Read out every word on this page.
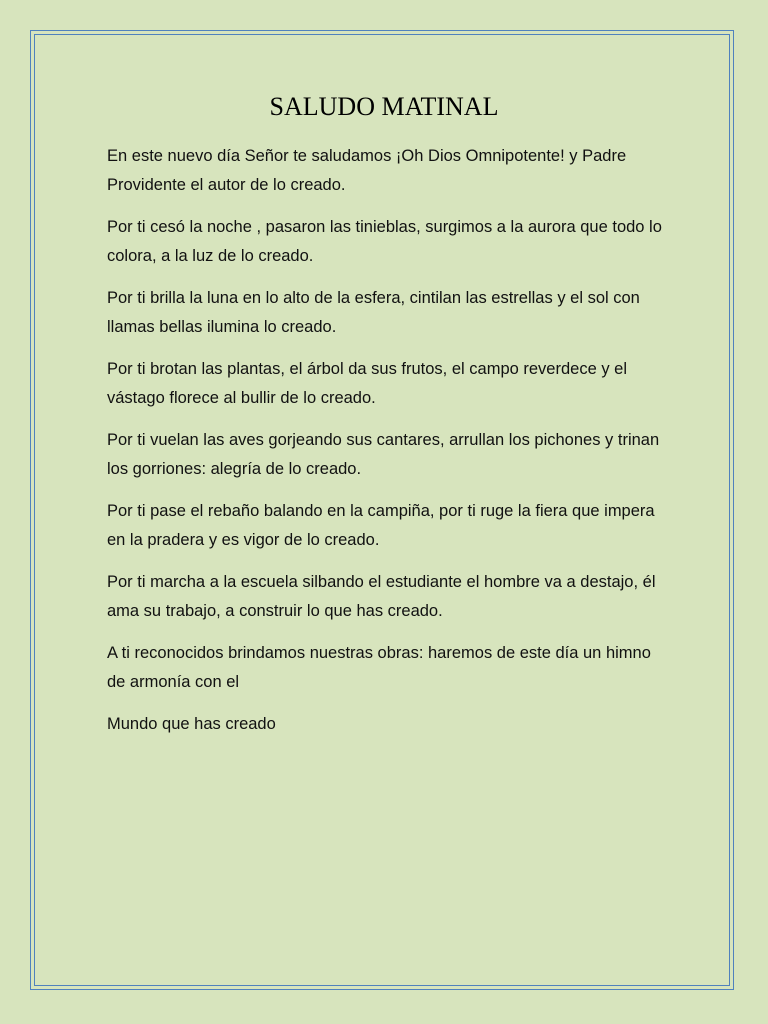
SALUDO MATINAL

En este nuevo día Señor te saludamos ¡Oh Dios Omnipotente! y Padre Providente el autor de lo creado.

Por ti cesó la noche , pasaron las tinieblas, surgimos a la aurora que todo lo colora, a la luz de lo creado.

Por ti brilla la luna en lo alto de la esfera, cintilan las estrellas y el sol con llamas bellas ilumina lo creado.

Por ti brotan las plantas, el árbol da sus frutos, el campo reverdece y el vástago florece al bullir de lo creado.

Por ti vuelan las aves gorjeando sus cantares, arrullan los pichones y trinan los gorriones: alegría de lo creado.

Por ti pase el rebaño balando en la campiña, por ti ruge la fiera que impera en la pradera y es vigor de lo creado.

Por ti marcha a la escuela silbando el estudiante el hombre va a destajo, él ama su trabajo, a construir lo que has creado.

A ti reconocidos brindamos nuestras obras: haremos de este día un himno de armonía con el

Mundo que has creado
